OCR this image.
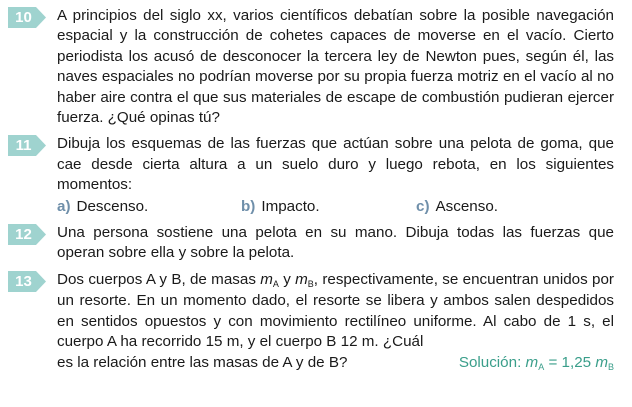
10	A principios del siglo xx, varios científicos debatían sobre la posible navegación espacial y la construcción de cohetes capaces de moverse en el vacío. Cierto periodista los acusó de desconocer la tercera ley de Newton pues, según él, las naves espaciales no podrían moverse por su propia fuerza motriz en el vacío al no haber aire contra el que sus materiales de escape de combustión pudieran ejercer fuerza. ¿Qué opinas tú?
11	Dibuja los esquemas de las fuerzas que actúan sobre una pelota de goma, que cae desde cierta altura a un suelo duro y luego rebota, en los siguientes momentos:
a) Descenso.	b) Impacto.	c) Ascenso.
12	Una persona sostiene una pelota en su mano. Dibuja todas las fuerzas que operan sobre ella y sobre la pelota.
13	Dos cuerpos A y B, de masas mA y mB, respectivamente, se encuentran unidos por un resorte. En un momento dado, el resorte se libera y ambos salen despedidos en sentidos opuestos y con movimiento rectilíneo uniforme. Al cabo de 1 s, el cuerpo A ha recorrido 15 m, y el cuerpo B 12 m. ¿Cuál
es la relación entre las masas de A y de B?	Solución: mA = 1,25 mB
